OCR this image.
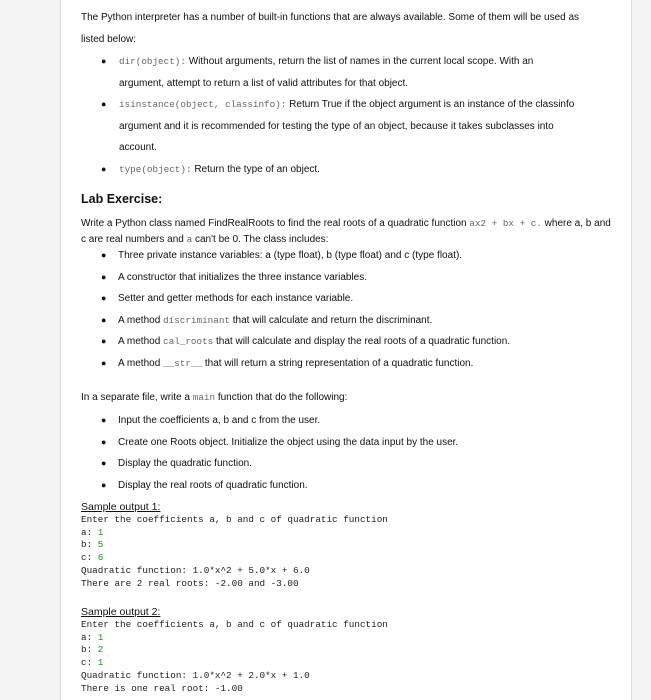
The Python interpreter has a number of built-in functions that are always available. Some of them will be used as listed below:

● dir(object): Without arguments, return the list of names in the current local scope. With an argument, attempt to return a list of valid attributes for that object.
● isinstance(object, classinfo): Return True if the object argument is an instance of the classinfo argument and it is recommended for testing the type of an object, because it takes subclasses into account.
● type(object): Return the type of an object.

Lab Exercise:

Write a Python class named FindRealRoots to find the real roots of a quadratic function ax2 + bx + c. where a, b and c are real numbers and a can't be 0. The class includes:

● Three private instance variables: a (type float), b (type float) and c (type float).
● A constructor that initializes the three instance variables.
● Setter and getter methods for each instance variable.
● A method discriminant that will calculate and return the discriminant.
● A method cal_roots that will calculate and display the real roots of a quadratic function.
● A method __str__ that will return a string representation of a quadratic function.

In a separate file, write a main function that do the following:

● Input the coefficients a, b and c from the user.
● Create one Roots object. Initialize the object using the data input by the user.
● Display the quadratic function.
● Display the real roots of quadratic function.

Sample output 1:

Enter the coefficients a, b and c of quadratic function
a: 1
b: 5
c: 6
Quadratic function: 1.0*x^2 + 5.0*x + 6.0
There are 2 real roots: -2.00 and -3.00

Sample output 2:

Enter the coefficients a, b and c of quadratic function
a: 1
b: 2
c: 1
Quadratic function: 1.0*x^2 + 2.0*x + 1.0
There is one real root: -1.00
